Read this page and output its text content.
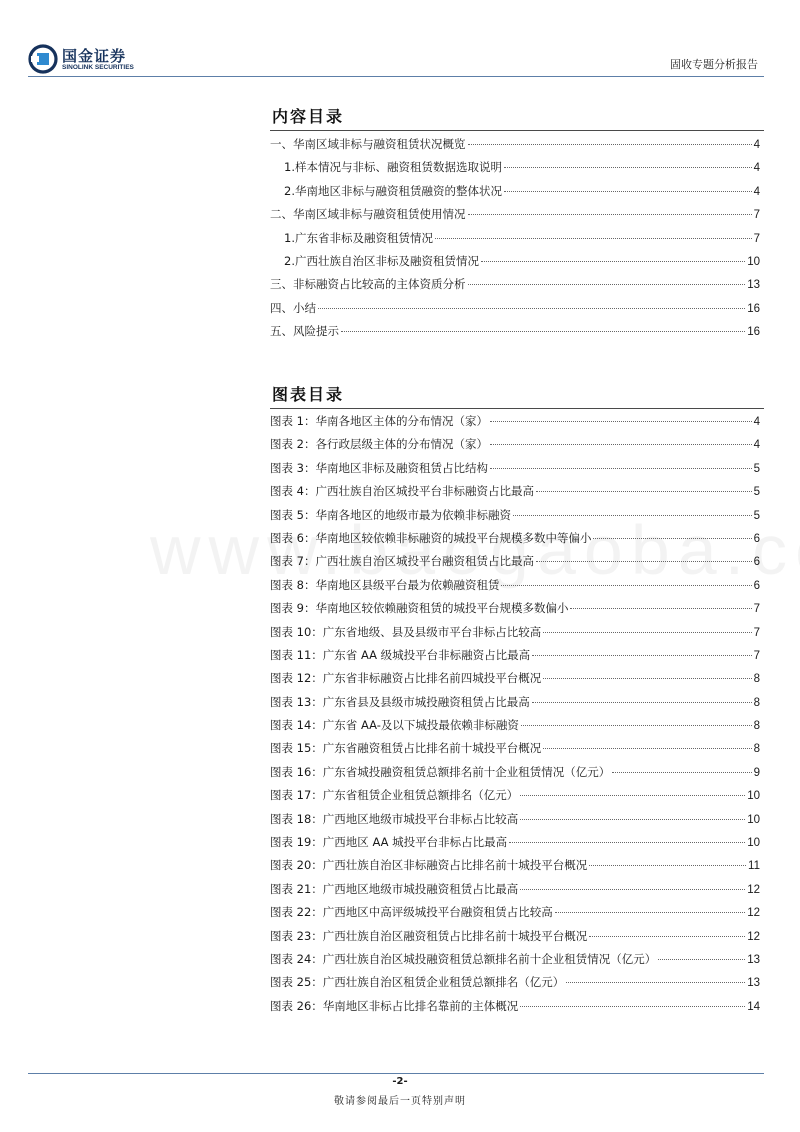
国金证券
SINOLINK SECURITIES	固收专题分析报告
内容目录
一、华南区域非标与融资租赁状况概览	4
1.样本情况与非标、融资租赁数据选取说明	4
2.华南地区非标与融资租赁融资的整体状况	4
二、华南区域非标与融资租赁使用情况	7
1.广东省非标及融资租赁情况	7
2.广西壮族自治区非标及融资租赁情况	10
三、非标融资占比较高的主体资质分析	13
四、小结	16
五、风险提示	16
图表目录
图表 1：华南各地区主体的分布情况（家）	4
图表 2：各行政层级主体的分布情况（家）	4
图表 3：华南地区非标及融资租赁占比结构	5
图表 4：广西壮族自治区城投平台非标融资占比最高	5
图表 5：华南各地区的地级市最为依赖非标融资	5
图表 6：华南地区较依赖非标融资的城投平台规模多数中等偏小	6
图表 7：广西壮族自治区城投平台融资租赁占比最高	6
图表 8：华南地区县级平台最为依赖融资租赁	6
图表 9：华南地区较依赖融资租赁的城投平台规模多数偏小	7
图表 10：广东省地级、县及县级市平台非标占比较高	7
图表 11：广东省 AA 级城投平台非标融资占比最高	7
图表 12：广东省非标融资占比排名前四城投平台概况	8
图表 13：广东省县及县级市城投融资租赁占比最高	8
图表 14：广东省 AA-及以下城投最依赖非标融资	8
图表 15：广东省融资租赁占比排名前十城投平台概况	8
图表 16：广东省城投融资租赁总额排名前十企业租赁情况（亿元）	9
图表 17：广东省租赁企业租赁总额排名（亿元）	10
图表 18：广西地区地级市城投平台非标占比较高	10
图表 19：广西地区 AA 城投平台非标占比最高	10
图表 20：广西壮族自治区非标融资占比排名前十城投平台概况	11
图表 21：广西地区地级市城投融资租赁占比最高	12
图表 22：广西地区中高评级城投平台融资租赁占比较高	12
图表 23：广西壮族自治区融资租赁占比排名前十城投平台概况	12
图表 24：广西壮族自治区城投融资租赁总额排名前十企业租赁情况（亿元）	13
图表 25：广西壮族自治区租赁企业租赁总额排名（亿元）	13
图表 26：华南地区非标占比排名靠前的主体概况	14
-2-
敬请参阅最后一页特别声明
